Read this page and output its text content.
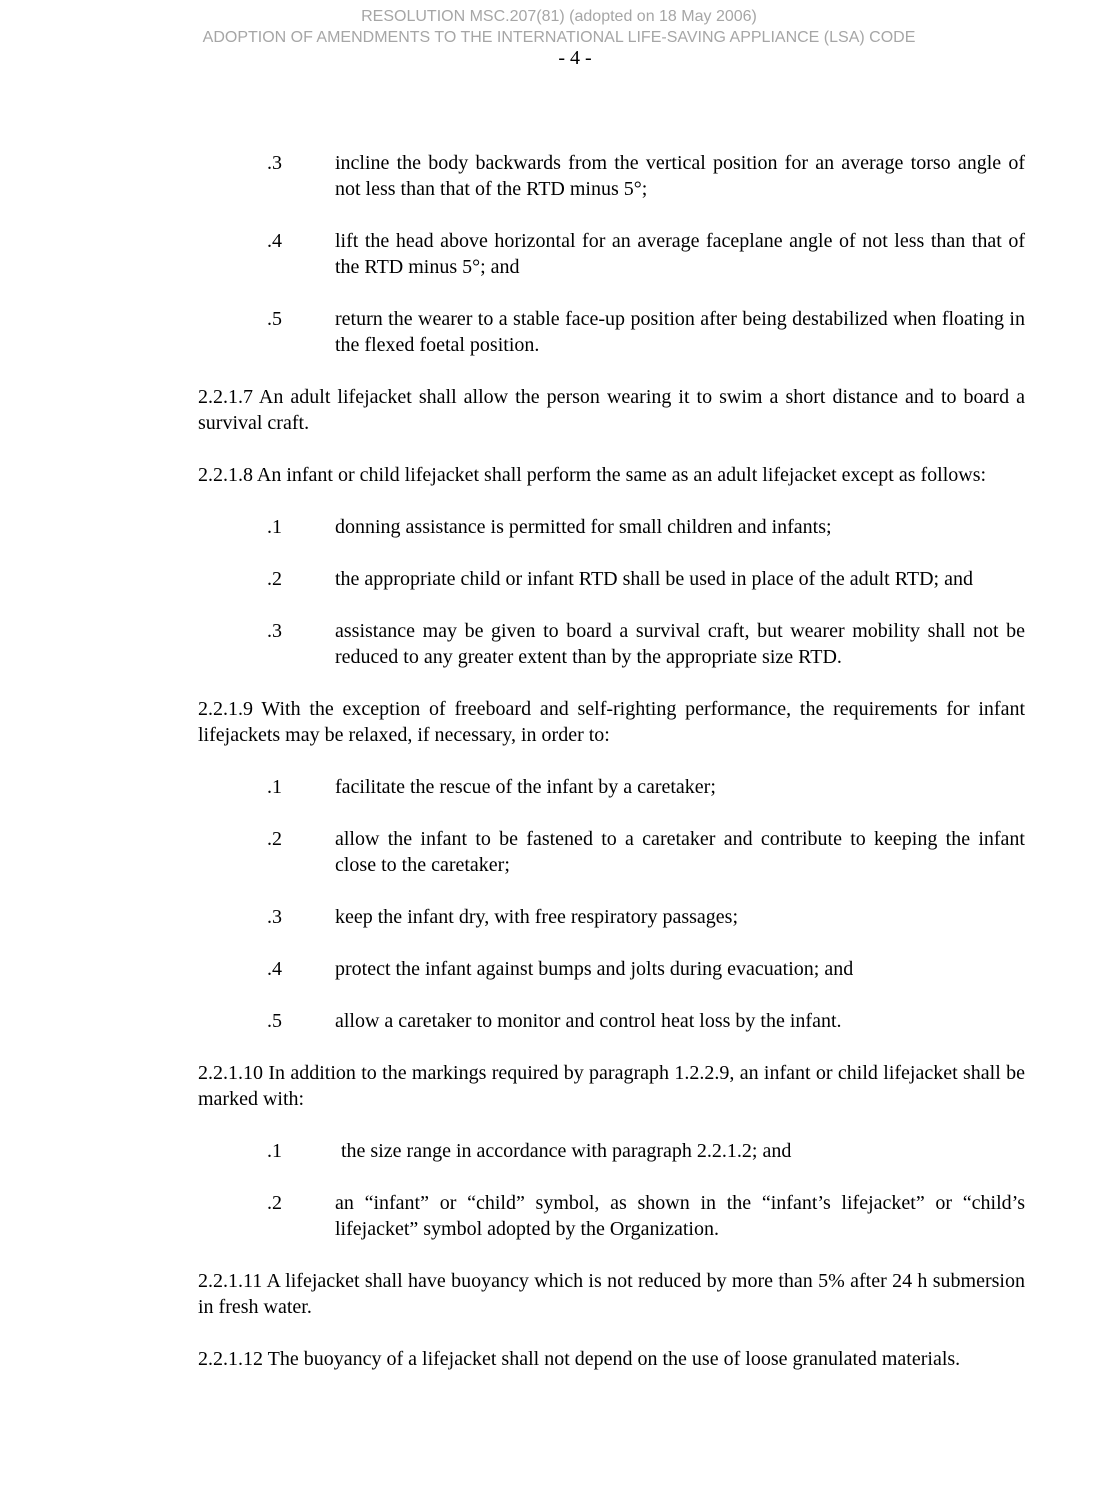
RESOLUTION MSC.207(81) (adopted on 18 May 2006)
ADOPTION OF AMENDMENTS TO THE INTERNATIONAL LIFE-SAVING APPLIANCE (LSA) CODE
- 4 -
.3	incline the body backwards from the vertical position for an average torso angle of not less than that of the RTD minus 5°;
.4	lift the head above horizontal for an average faceplane angle of not less than that of the RTD minus 5°; and
.5	return the wearer to a stable face-up position after being destabilized when floating in the flexed foetal position.
2.2.1.7 An adult lifejacket shall allow the person wearing it to swim a short distance and to board a survival craft.
2.2.1.8 An infant or child lifejacket shall perform the same as an adult lifejacket except as follows:
.1	donning assistance is permitted for small children and infants;
.2	the appropriate child or infant RTD shall be used in place of the adult RTD; and
.3	assistance may be given to board a survival craft, but wearer mobility shall not be reduced to any greater extent than by the appropriate size RTD.
2.2.1.9 With the exception of freeboard and self-righting performance, the requirements for infant lifejackets may be relaxed, if necessary, in order to:
.1	facilitate the rescue of the infant by a caretaker;
.2	allow the infant to be fastened to a caretaker and contribute to keeping the infant close to the caretaker;
.3	keep the infant dry, with free respiratory passages;
.4	protect the infant against bumps and jolts during evacuation; and
.5	allow a caretaker to monitor and control heat loss by the infant.
2.2.1.10 In addition to the markings required by paragraph 1.2.2.9, an infant or child lifejacket shall be marked with:
.1	the size range in accordance with paragraph 2.2.1.2; and
.2	an “infant” or “child” symbol, as shown in the “infant’s lifejacket” or “child’s lifejacket” symbol adopted by the Organization.
2.2.1.11 A lifejacket shall have buoyancy which is not reduced by more than 5% after 24 h submersion in fresh water.
2.2.1.12 The buoyancy of a lifejacket shall not depend on the use of loose granulated materials.
